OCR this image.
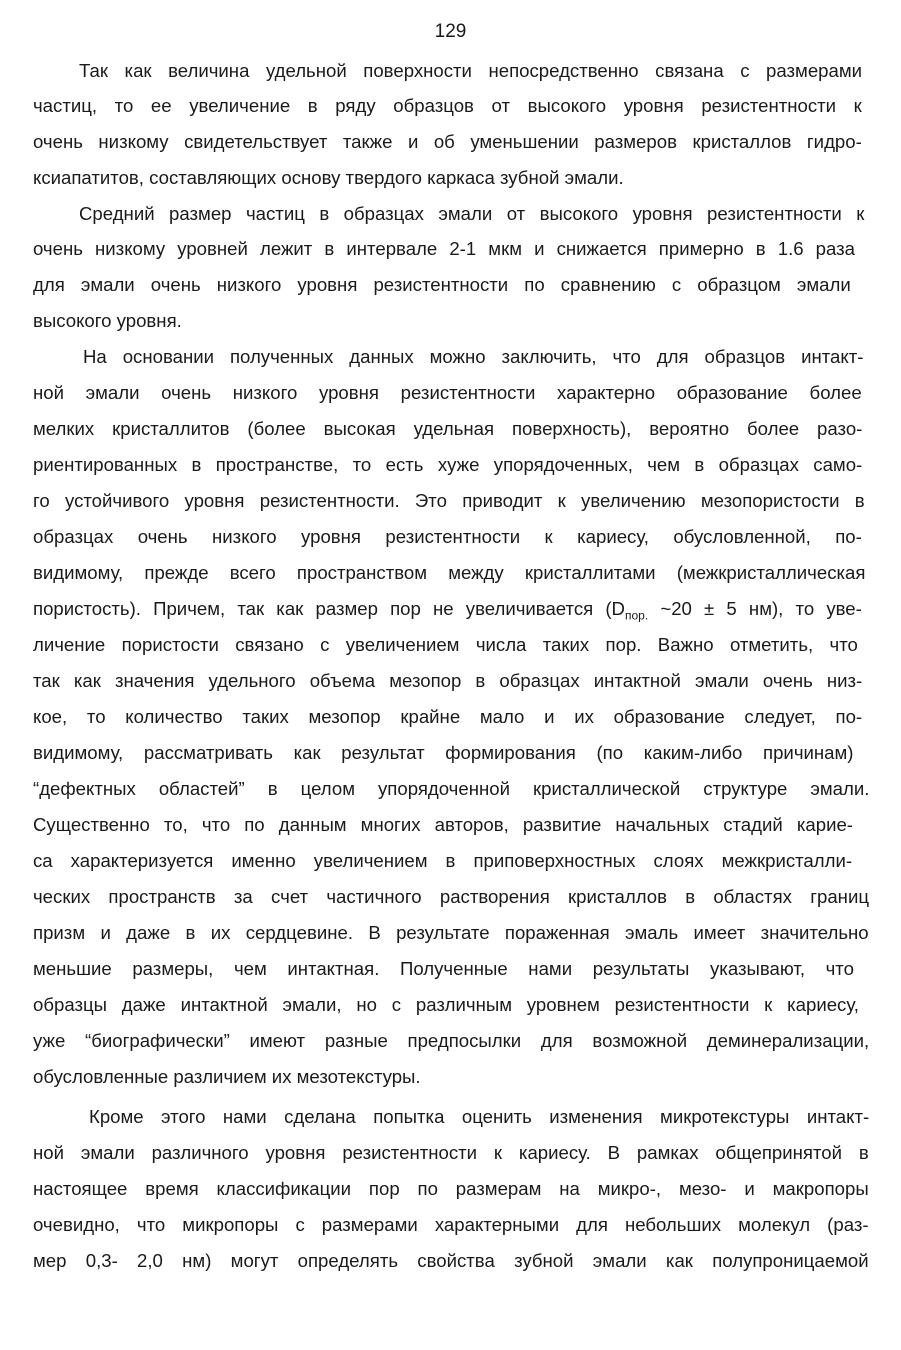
129
Так как величина удельной поверхности непосредственно связана с размерами
частиц, то ее увеличение в ряду образцов от высокого уровня резистентности к
очень низкому свидетельствует также и об уменьшении размеров кристаллов гидро-
ксиапатитов, составляющих основу твердого каркаса зубной эмали.
Средний размер частиц в образцах эмали от высокого уровня резистентности к
очень низкому уровней лежит в интервале 2-1 мкм и снижается примерно в 1.6 раза
для эмали очень низкого уровня резистентности по сравнению с образцом эмали
высокого уровня.
На основании полученных данных можно заключить, что для образцов интакт-
ной эмали очень низкого уровня резистентности характерно образование более
мелких кристаллитов (более высокая удельная поверхность), вероятно более разо-
риентированных в пространстве, то есть хуже упорядоченных, чем в образцах само-
го устойчивого уровня резистентности. Это приводит к увеличению мезопористости в
образцах очень низкого уровня резистентности к кариесу, обусловленной, по-
видимому, прежде всего пространством между кристаллитами (межкристаллическая
пористость). Причем, так как размер пор не увеличивается ($D_{пор.}$ ~20 ± 5 нм), то уве-
личение пористости связано с увеличением числа таких пор. Важно отметить, что
так как значения удельного объема мезопор в образцах интактной эмали очень низ-
кое, то количество таких мезопор крайне мало и их образование следует, по-
видимому, рассматривать как результат формирования (по каким-либо причинам)
“дефектных областей” в целом упорядоченной кристаллической структуре эмали.
Существенно то, что по данным многих авторов, развитие начальных стадий карие-
са характеризуется именно увеличением в приповерхностных слоях межкристалли-
ческих пространств за счет частичного растворения кристаллов в областях границ
призм и даже в их сердцевине. В результате пораженная эмаль имеет значительно
меньшие размеры, чем интактная. Полученные нами результаты указывают, что
образцы даже интактной эмали, но с различным уровнем резистентности к кариесу,
уже “биографически” имеют разные предпосылки для возможной деминерализации,
обусловленные различием их мезотекстуры.
Кроме этого нами сделана попытка оценить изменения микротекстуры интакт-
ной эмали различного уровня резистентности к кариесу. В рамках общепринятой в
настоящее время классификации пор по размерам на микро-, мезо- и макропоры
очевидно, что микропоры с размерами характерными для небольших молекул (раз-
мер 0,3- 2,0 нм) могут определять свойства зубной эмали как полупроницаемой
